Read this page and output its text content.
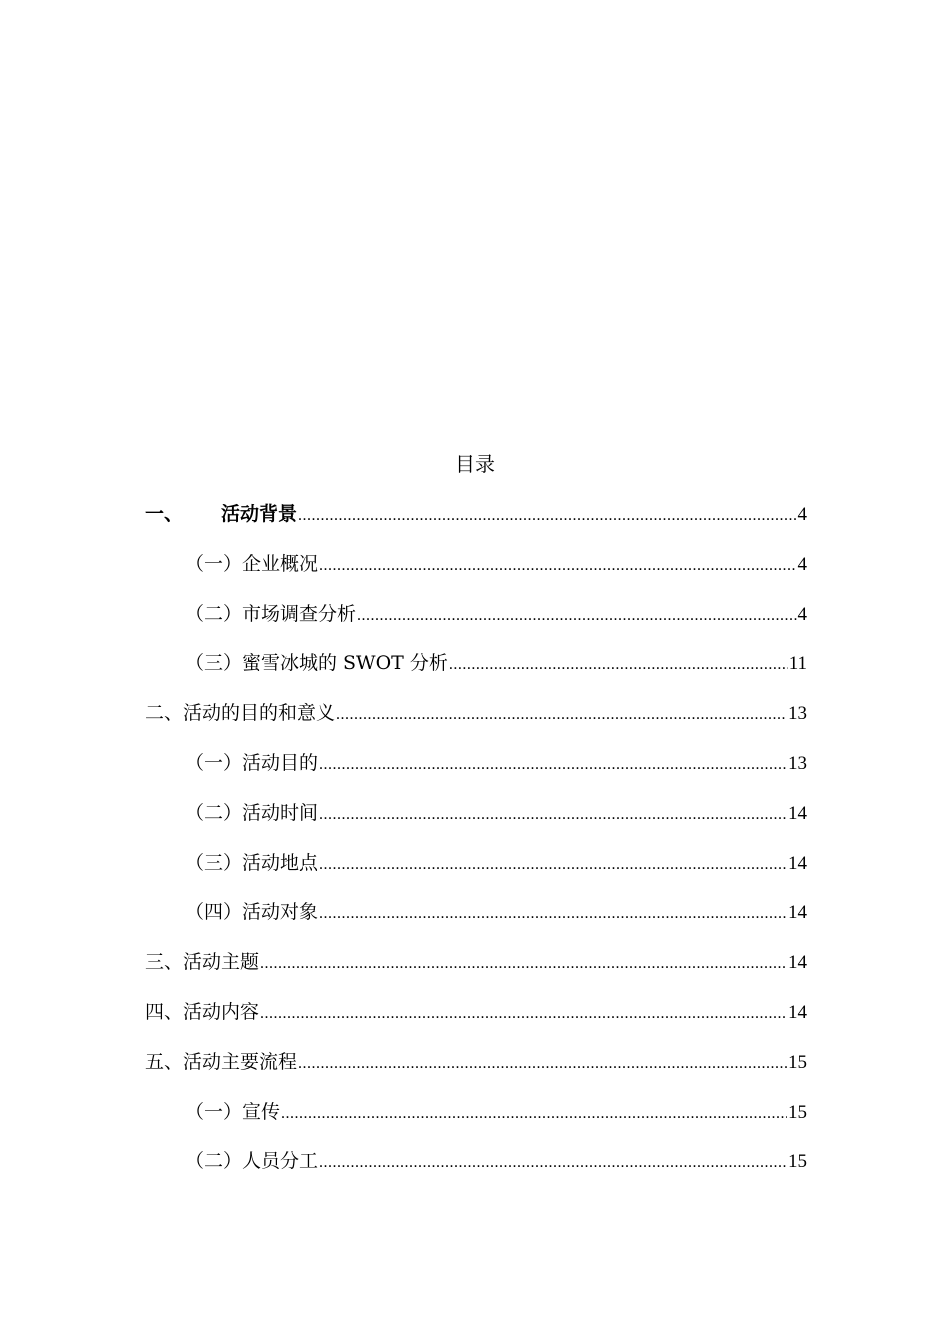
目录
一、 活动背景 .....	4
（一）企业概况 .....	4
（二）市场调查分析 .....	4
（三）蜜雪冰城的 SWOT 分析 .....	11
二、活动的目的和意义 .....	13
（一）活动目的 .....	13
（二）活动时间 .....	14
（三）活动地点 .....	14
（四）活动对象 .....	14
三、活动主题 .....	14
四、活动内容 .....	14
五、活动主要流程 .....	15
（一）宣传 .....	15
（二）人员分工 .....	15
